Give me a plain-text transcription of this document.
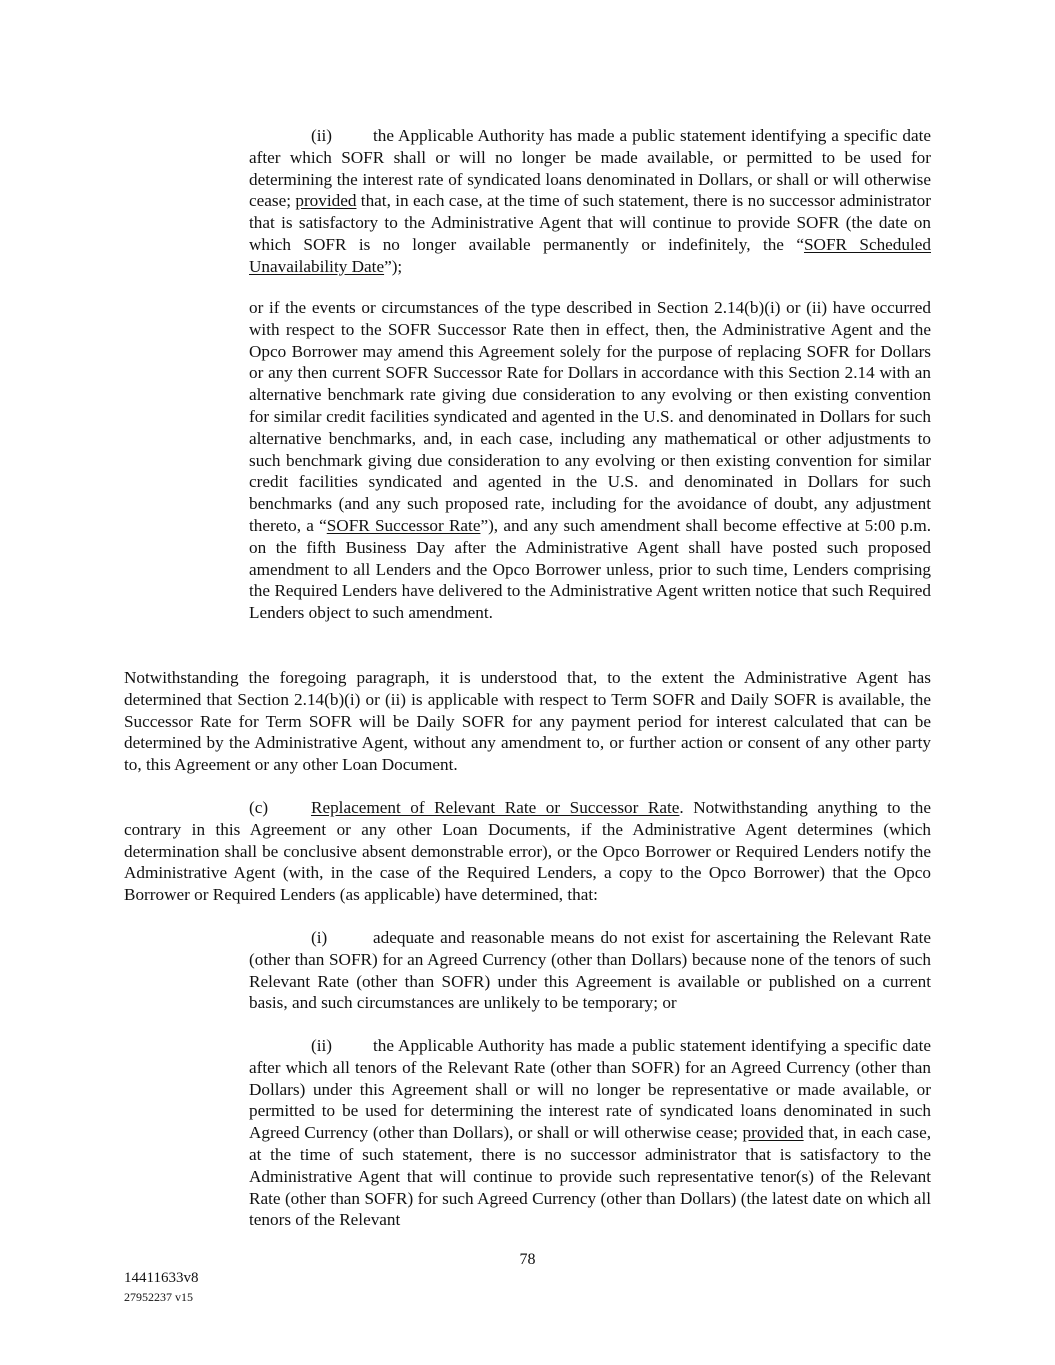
(ii) the Applicable Authority has made a public statement identifying a specific date after which SOFR shall or will no longer be made available, or permitted to be used for determining the interest rate of syndicated loans denominated in Dollars, or shall or will otherwise cease; provided that, in each case, at the time of such statement, there is no successor administrator that is satisfactory to the Administrative Agent that will continue to provide SOFR (the date on which SOFR is no longer available permanently or indefinitely, the “SOFR Scheduled Unavailability Date”);

or if the events or circumstances of the type described in Section 2.14(b)(i) or (ii) have occurred with respect to the SOFR Successor Rate then in effect, then, the Administrative Agent and the Opco Borrower may amend this Agreement solely for the purpose of replacing SOFR for Dollars or any then current SOFR Successor Rate for Dollars in accordance with this Section 2.14 with an alternative benchmark rate giving due consideration to any evolving or then existing convention for similar credit facilities syndicated and agented in the U.S. and denominated in Dollars for such alternative benchmarks, and, in each case, including any mathematical or other adjustments to such benchmark giving due consideration to any evolving or then existing convention for similar credit facilities syndicated and agented in the U.S. and denominated in Dollars for such benchmarks (and any such proposed rate, including for the avoidance of doubt, any adjustment thereto, a “SOFR Successor Rate”), and any such amendment shall become effective at 5:00 p.m. on the fifth Business Day after the Administrative Agent shall have posted such proposed amendment to all Lenders and the Opco Borrower unless, prior to such time, Lenders comprising the Required Lenders have delivered to the Administrative Agent written notice that such Required Lenders object to such amendment.

Notwithstanding the foregoing paragraph, it is understood that, to the extent the Administrative Agent has determined that Section 2.14(b)(i) or (ii) is applicable with respect to Term SOFR and Daily SOFR is available, the Successor Rate for Term SOFR will be Daily SOFR for any payment period for interest calculated that can be determined by the Administrative Agent, without any amendment to, or further action or consent of any other party to, this Agreement or any other Loan Document.

(c) Replacement of Relevant Rate or Successor Rate. Notwithstanding anything to the contrary in this Agreement or any other Loan Documents, if the Administrative Agent determines (which determination shall be conclusive absent demonstrable error), or the Opco Borrower or Required Lenders notify the Administrative Agent (with, in the case of the Required Lenders, a copy to the Opco Borrower) that the Opco Borrower or Required Lenders (as applicable) have determined, that:

(i)	adequate and reasonable means do not exist for ascertaining the Relevant Rate (other than SOFR) for an Agreed Currency (other than Dollars) because none of the tenors of such Relevant Rate (other than SOFR) under this Agreement is available or published on a current basis, and such circumstances are unlikely to be temporary; or

(ii) the Applicable Authority has made a public statement identifying a specific date after which all tenors of the Relevant Rate (other than SOFR) for an Agreed Currency (other than Dollars) under this Agreement shall or will no longer be representative or made available, or permitted to be used for determining the interest rate of syndicated loans denominated in such Agreed Currency (other than Dollars), or shall or will otherwise cease; provided that, in each case, at the time of such statement, there is no successor administrator that is satisfactory to the Administrative Agent that will continue to provide such representative tenor(s) of the Relevant Rate (other than SOFR) for such Agreed Currency (other than Dollars) (the latest date on which all tenors of the Relevant

78
14411633v8
27952237 v15
